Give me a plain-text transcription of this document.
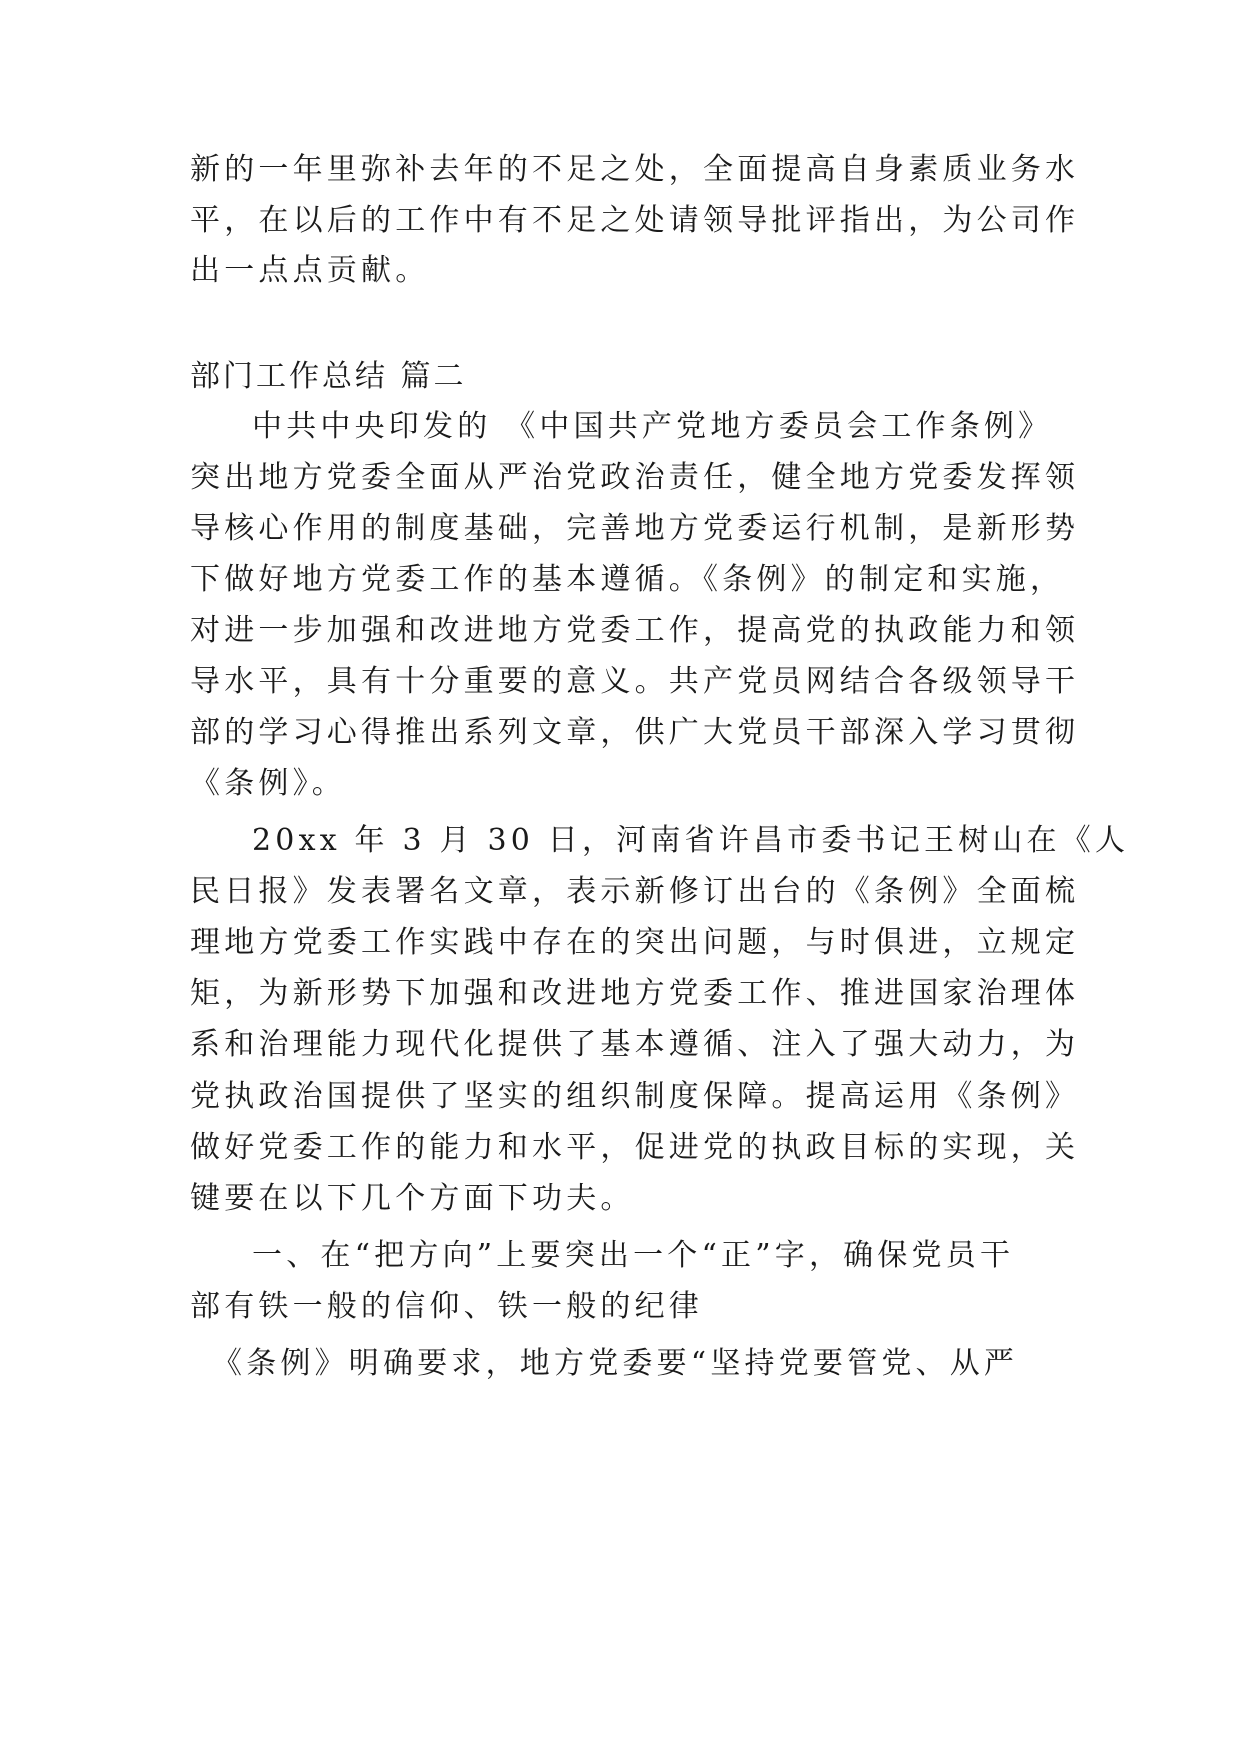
新的一年里弥补去年的不足之处，全面提高自身素质业务水
平，在以后的工作中有不足之处请领导批评指出，为公司作
出一点点贡献。
部门工作总结 篇二
中共中央印发的 《中国共产党地方委员会工作条例》
突出地方党委全面从严治党政治责任，健全地方党委发挥领
导核心作用的制度基础，完善地方党委运行机制，是新形势
下做好地方党委工作的基本遵循。《条例》的制定和实施，
对进一步加强和改进地方党委工作，提高党的执政能力和领
导水平，具有十分重要的意义。共产党员网结合各级领导干
部的学习心得推出系列文章，供广大党员干部深入学习贯彻
《条例》。
20xx 年 3 月 30 日，河南省许昌市委书记王树山在《人
民日报》发表署名文章，表示新修订出台的《条例》全面梳
理地方党委工作实践中存在的突出问题，与时俱进，立规定
矩，为新形势下加强和改进地方党委工作、推进国家治理体
系和治理能力现代化提供了基本遵循、注入了强大动力，为
党执政治国提供了坚实的组织制度保障。提高运用《条例》
做好党委工作的能力和水平，促进党的执政目标的实现，关
键要在以下几个方面下功夫。
一、在“把方向”上要突出一个“正”字，确保党员干
部有铁一般的信仰、铁一般的纪律
《条例》明确要求，地方党委要“坚持党要管党、从严
